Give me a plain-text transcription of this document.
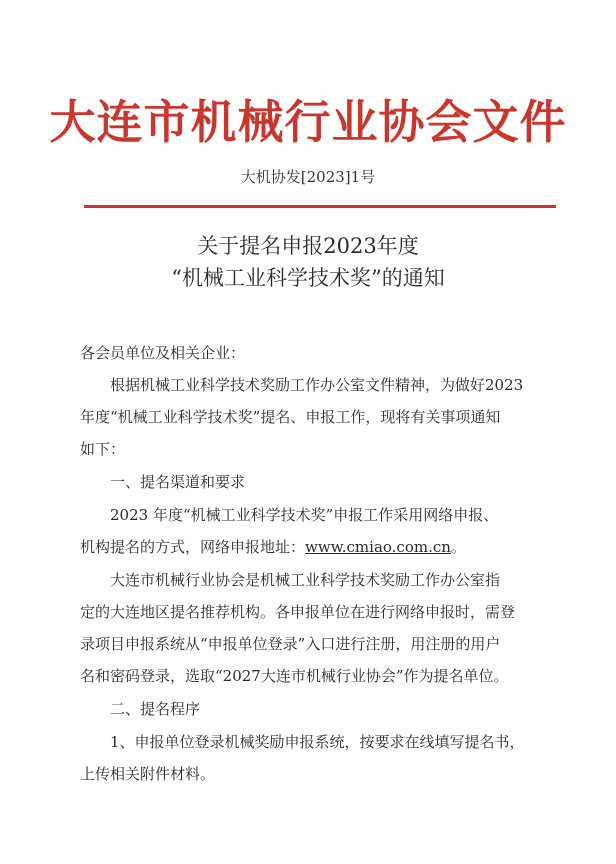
大连市机械行业协会文件
大机协发[2023]1号
关于提名申报2023年度
“机械工业科学技术奖”的通知
各会员单位及相关企业：
根据机械工业科学技术奖励工作办公室文件精神，为做好2023
年度“机械工业科学技术奖”提名、申报工作，现将有关事项通知
如下：
一、提名渠道和要求
2023 年度“机械工业科学技术奖”申报工作采用网络申报、
机构提名的方式，网络申报地址：www.cmiao.com.cn。
大连市机械行业协会是机械工业科学技术奖励工作办公室指
定的大连地区提名推荐机构。各申报单位在进行网络申报时，需登
录项目申报系统从“申报单位登录”入口进行注册，用注册的用户
名和密码登录，选取“2027大连市机械行业协会”作为提名单位。
二、提名程序
1、申报单位登录机械奖励申报系统，按要求在线填写提名书，
上传相关附件材料。
